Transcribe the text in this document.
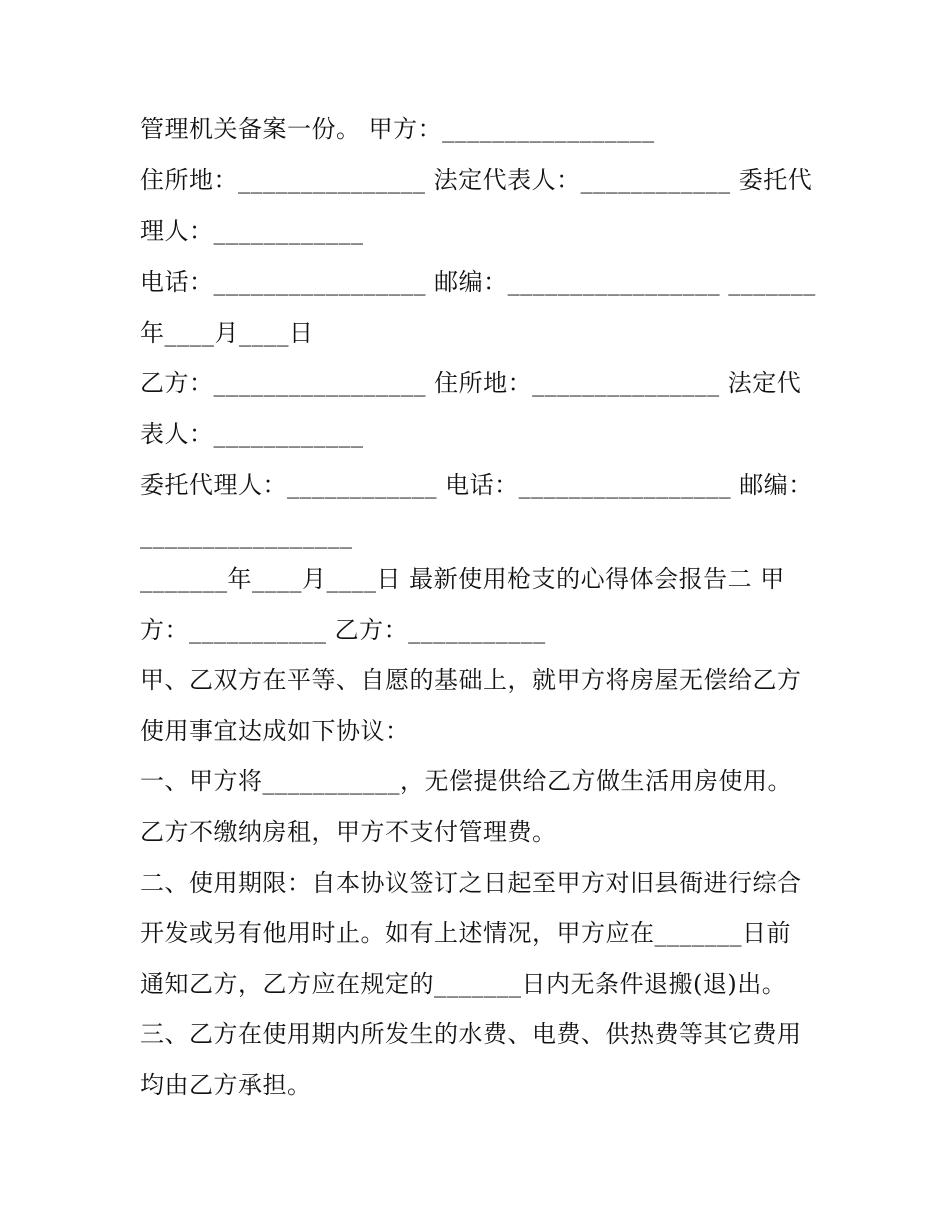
管理机关备案一份。 甲方：_________________
住所地：_______________ 法定代表人：____________ 委托代
理人：____________
电话：_________________ 邮编：_________________ _______
年____月____日
乙方：_________________ 住所地：_______________ 法定代
表人：____________
委托代理人：____________ 电话：_________________ 邮编：
_________________
_______年____月____日 最新使用枪支的心得体会报告二 甲
方：___________ 乙方：___________
甲、乙双方在平等、自愿的基础上，就甲方将房屋无偿给乙方
使用事宜达成如下协议：
一、甲方将___________，无偿提供给乙方做生活用房使用。
乙方不缴纳房租，甲方不支付管理费。
二、使用期限：自本协议签订之日起至甲方对旧县衙进行综合
开发或另有他用时止。如有上述情况，甲方应在_______日前
通知乙方，乙方应在规定的_______日内无条件退搬(退)出。
三、乙方在使用期内所发生的水费、电费、供热费等其它费用
均由乙方承担。
